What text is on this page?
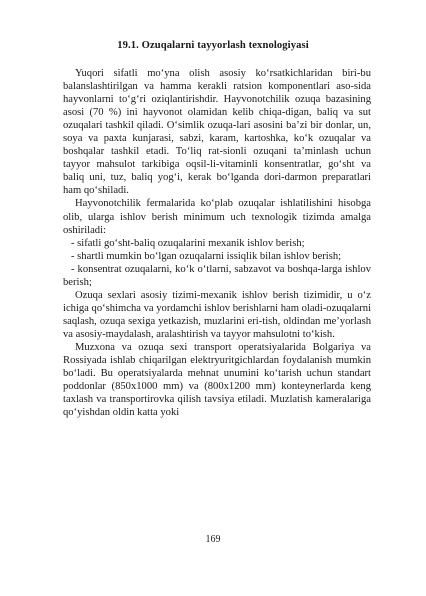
19.1. Ozuqalarni tayyorlash texnologiyasi

Yuqori sifatli mo‘yna olish asosiy ko‘rsatkichlaridan biri-bu balanslashtirilgan va hamma kerakli ratsion komponentlari aso-sida hayvonlarni to‘g‘ri oziqlantirishdir. Hayvonotchilik ozuqa bazasining asosi (70 %) ini hayvonot olamidan kelib chiqa-digan, baliq va sut ozuqalari tashkil qiladi. O‘simlik ozuqa-lari asosini ba’zi bir donlar, un, soya va paxta kunjarasi, sabzi, karam, kartoshka, ko‘k ozuqalar va boshqalar tashkil etadi. To‘liq rat-sionli ozuqani ta’minlash uchun tayyor mahsulot tarkibiga oqsil-li-vitaminli konsentratlar, go‘sht va baliq uni, tuz, baliq yog‘i, kerak bo‘lganda dori-darmon preparatlari ham qo‘shiladi.

Hayvonotchilik fermalarida ko‘plab ozuqalar ishlatilishini hisobga olib, ularga ishlov berish minimum uch texnologik tizimda amalga oshiriladi:

- sifatli go‘sht-baliq ozuqalarini mexanik ishlov berish;

- shartli mumkin bo‘lgan ozuqalarni issiqlik bilan ishlov berish;

- konsentrat ozuqalarni, ko‘k o‘tlarni, sabzavot va boshqa-larga ishlov berish;

Ozuqa sexlari asosiy tizimi-mexanik ishlov berish tizimidir, u o‘z ichiga qo‘shimcha va yordamchi ishlov berishlarni ham oladi-ozuqalarni saqlash, ozuqa sexiga yetkazish, muzlarini eri-tish, oldindan me’yorlash va asosiy-maydalash, aralashtirish va tayyor mahsulotni to‘kish.

Muzxona va ozuqa sexi transport operatsiyalarida Bolgariya va Rossiyada ishlab chiqarilgan elektryuritgichlardan foydalanish mumkin bo‘ladi. Bu operatsiyalarda mehnat unumini ko‘tarish uchun standart poddonlar (850x1000 mm) va (800x1200 mm) konteynerlarda keng taxlash va transportirovka qilish tavsiya etiladi. Muzlatish kameralariga qo‘yishdan oldin katta yoki

169
